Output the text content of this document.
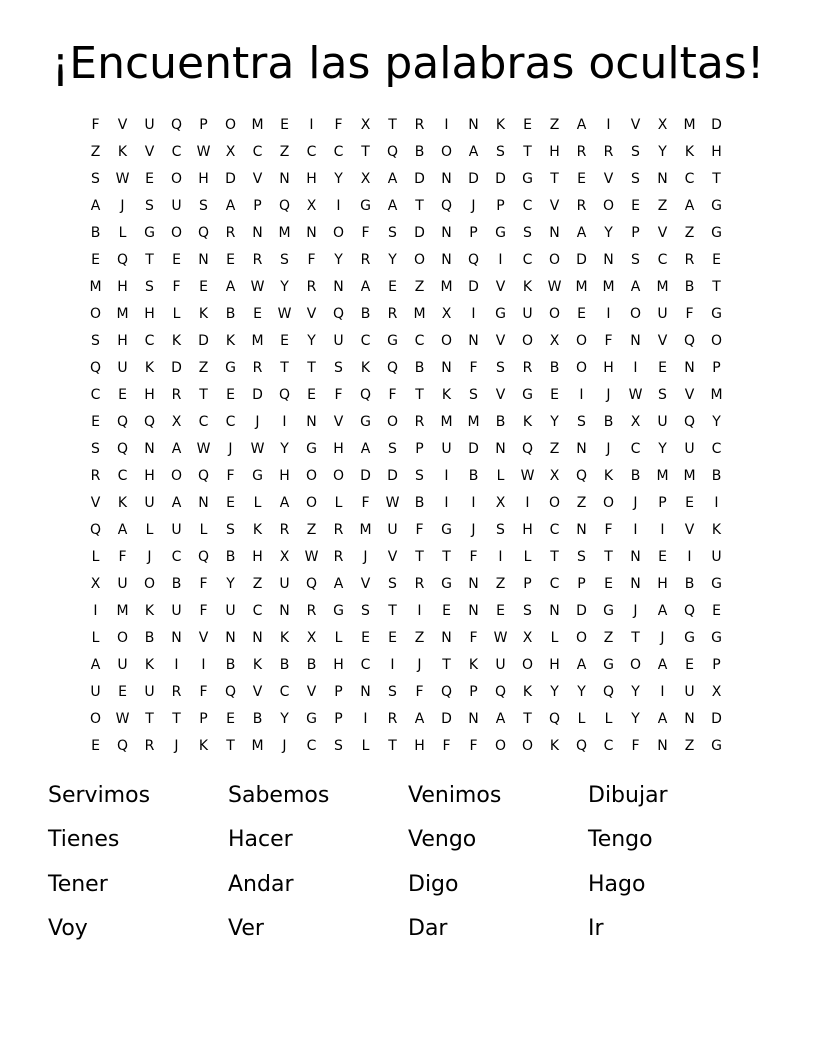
¡Encuentra las palabras ocultas!
F	V	U	Q	P	O	M	E	I	F	X	T	R	I	N	K	E	Z	A	I	V	X	M	D
Z	K	V	C	W	X	C	Z	C	C	T	Q	B	O	A	S	T	H	R	R	S	Y	K	H
S	W	E	O	H	D	V	N	H	Y	X	A	D	N	D	D	G	T	E	V	S	N	C	T
A	J	S	U	S	A	P	Q	X	I	G	A	T	Q	J	P	C	V	R	O	E	Z	A	G
B	L	G	O	Q	R	N	M	N	O	F	S	D	N	P	G	S	N	A	Y	P	V	Z	G
E	Q	T	E	N	E	R	S	F	Y	R	Y	O	N	Q	I	C	O	D	N	S	C	R	E
M	H	S	F	E	A	W	Y	R	N	A	E	Z	M	D	V	K	W	M	M	A	M	B	T
O	M	H	L	K	B	E	W	V	Q	B	R	M	X	I	G	U	O	E	I	O	U	F	G
S	H	C	K	D	K	M	E	Y	U	C	G	C	O	N	V	O	X	O	F	N	V	Q	O
Q	U	K	D	Z	G	R	T	T	S	K	Q	B	N	F	S	R	B	O	H	I	E	N	P
C	E	H	R	T	E	D	Q	E	F	Q	F	T	K	S	V	G	E	I	J	W	S	V	M
E	Q	Q	X	C	C	J	I	N	V	G	O	R	M	M	B	K	Y	S	B	X	U	Q	Y
S	Q	N	A	W	J	W	Y	G	H	A	S	P	U	D	N	Q	Z	N	J	C	Y	U	C
R	C	H	O	Q	F	G	H	O	O	D	D	S	I	B	L	W	X	Q	K	B	M	M	B
V	K	U	A	N	E	L	A	O	L	F	W	B	I	I	X	I	O	Z	O	J	P	E	I
Q	A	L	U	L	S	K	R	Z	R	M	U	F	G	J	S	H	C	N	F	I	I	V	K
L	F	J	C	Q	B	H	X	W	R	J	V	T	T	F	I	L	T	S	T	N	E	I	U
X	U	O	B	F	Y	Z	U	Q	A	V	S	R	G	N	Z	P	C	P	E	N	H	B	G
I	M	K	U	F	U	C	N	R	G	S	T	I	E	N	E	S	N	D	G	J	A	Q	E
L	O	B	N	V	N	N	K	X	L	E	E	Z	N	F	W	X	L	O	Z	T	J	G	G
A	U	K	I	I	B	K	B	B	H	C	I	J	T	K	U	O	H	A	G	O	A	E	P
U	E	U	R	F	Q	V	C	V	P	N	S	F	Q	P	Q	K	Y	Y	Q	Y	I	U	X
O	W	T	T	P	E	B	Y	G	P	I	R	A	D	N	A	T	Q	L	L	Y	A	N	D
E	Q	R	J	K	T	M	J	C	S	L	T	H	F	F	O	O	K	Q	C	F	N	Z	G
Servimos	Sabemos	Venimos	Dibujar
Tienes	Hacer	Vengo	Tengo
Tener	Andar	Digo	Hago
Voy	Ver	Dar	Ir
